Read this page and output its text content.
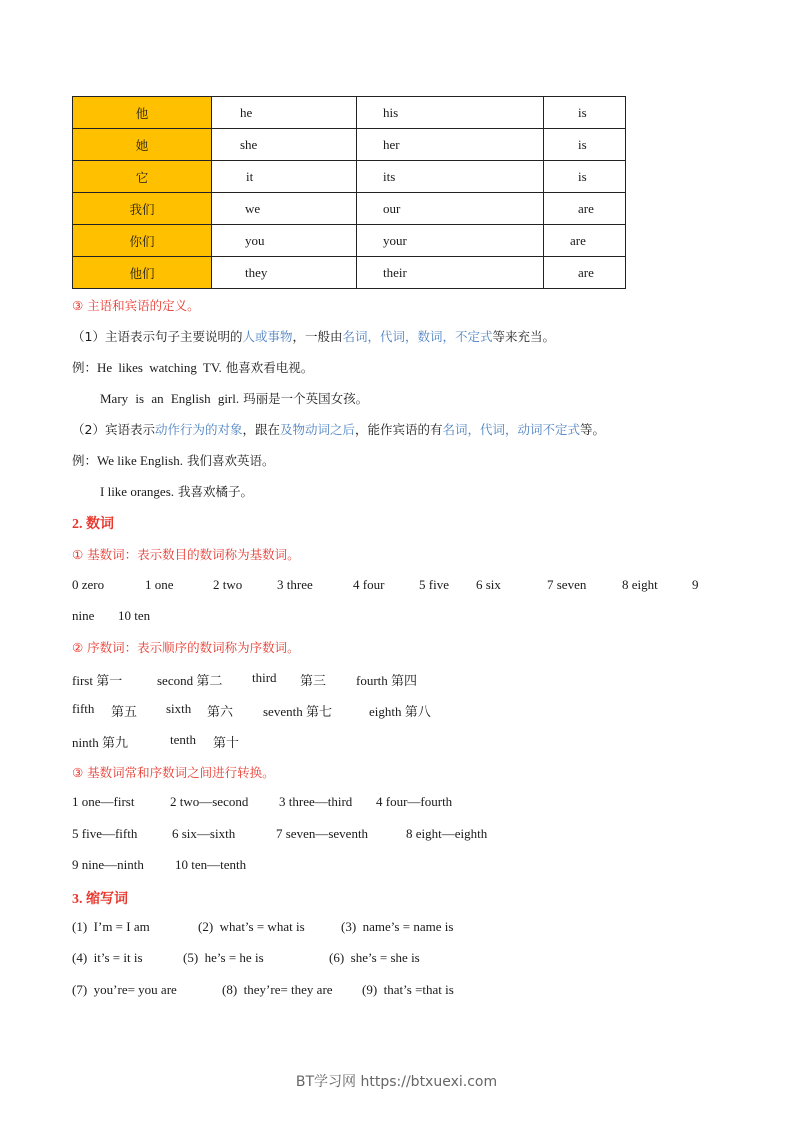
他	he	his	is
她	she	her	is
它	it	its	is
我们	we	our	are
你们	you	your	are
他们	they	their	are
③ 主语和宾语的定义。
（1）主语表示句子主要说明的人或事物，一般由名词，代词，数词，不定式等来充当。
例：He likes watching TV. 他喜欢看电视。
Mary is an English girl. 玛丽是一个英国女孩。
（2）宾语表示动作行为的对象，跟在及物动词之后，能作宾语的有名词，代词，动词不定式等。
例：We like English. 我们喜欢英语。
I like oranges. 我喜欢橘子。
2. 数词
① 基数词：表示数目的数词称为基数词。
0 zero	1 one	2 two	3 three	4 four	5 five 6 six	7 seven	8 eight	9
nine 10 ten
② 序数词：表示顺序的数词称为序数词。
first 第一	second 第二 third 第三 fourth 第四
fifth 第五 sixth 第六 seventh 第七	eighth 第八
ninth 第九	tenth 第十
③ 基数词常和序数词之间进行转换。
1 one—first	2 two—second 3 three—third 4 four—fourth
5 five—fifth	6 six—sixth	7 seven—seventh	8 eight—eighth
9 nine—ninth 10 ten—tenth
3. 缩写词
(1)  I’m = I am	(2)  what’s = what is	(3)  name’s = name is
(4)  it’s = it is	(5)  he’s = he is	(6)  she’s = she is
(7)  you’re= you are	(8)  they’re= they are (9)  that’s =that is
BT学习网 https://btxuexi.com
